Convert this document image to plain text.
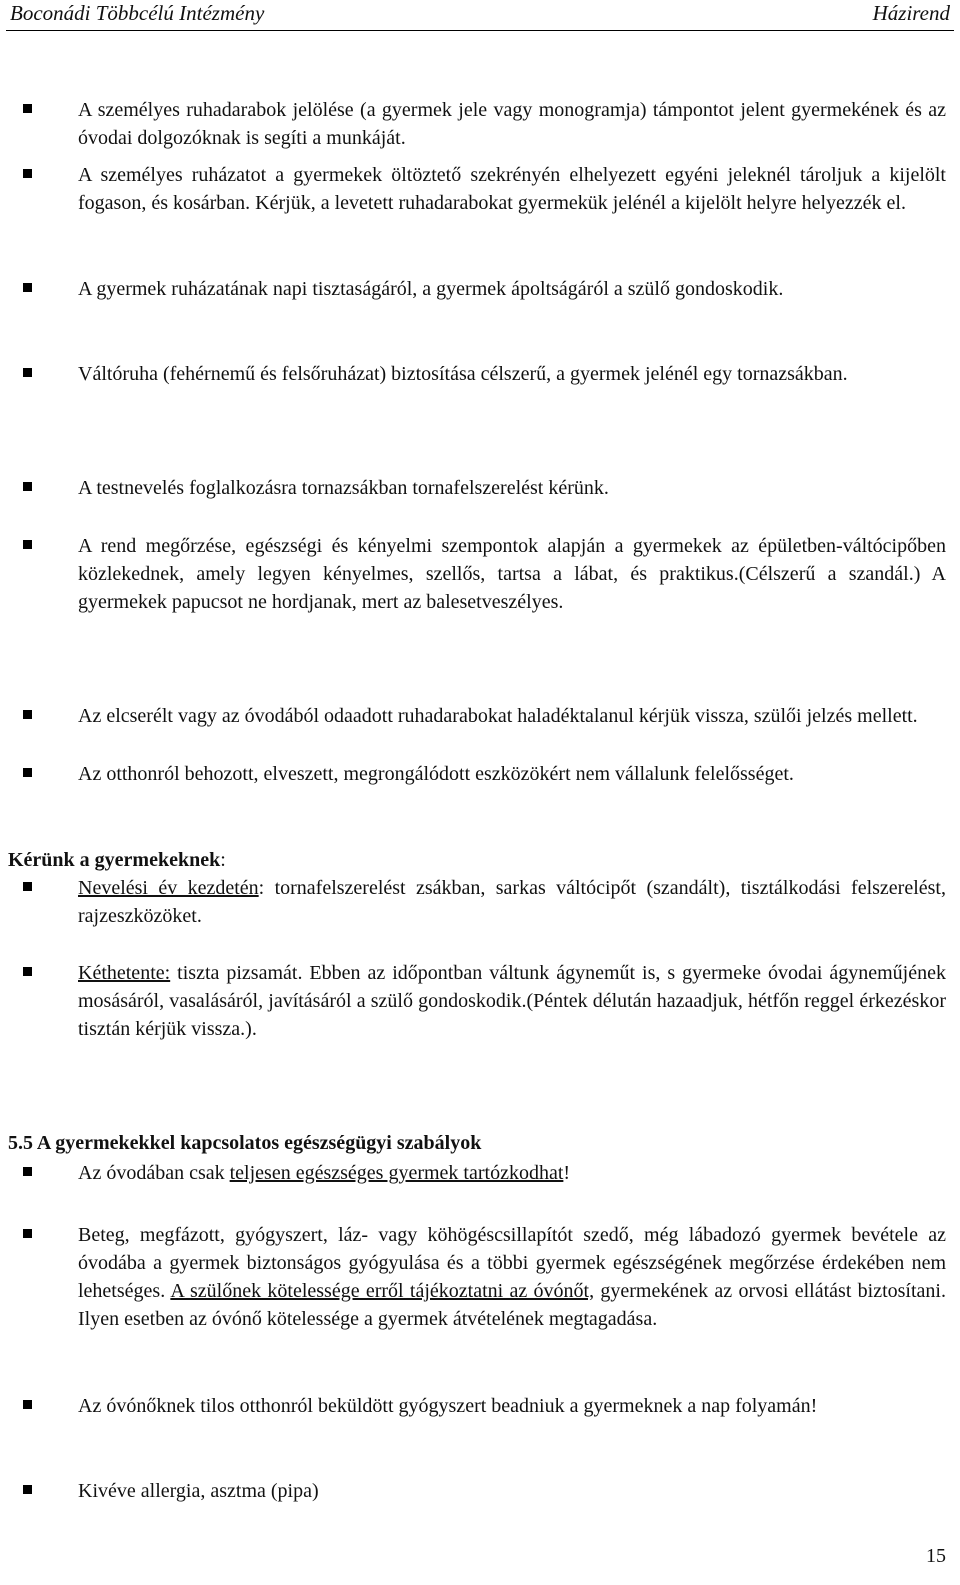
Boconádi Többcélú Intézmény	Házirend
A személyes ruhadarabok jelölése (a gyermek jele vagy monogramja) támpontot jelent gyermekének és az óvodai dolgozóknak is segíti a munkáját.
A személyes ruházatot a gyermekek öltöztető szekrényén elhelyezett egyéni jeleknél tároljuk a kijelölt fogason, és kosárban. Kérjük, a levetett ruhadarabokat gyermekük jelénél a kijelölt helyre helyezzék el.
A gyermek ruházatának napi tisztaságáról, a gyermek ápoltságáról a szülő gondoskodik.
Váltóruha (fehérnemű és felsőruházat) biztosítása célszerű, a gyermek jelénél egy tornazsákban.
A testnevelés foglalkozásra tornazsákban tornafelszerelést kérünk.
A rend megőrzése, egészségi és kényelmi szempontok alapján a gyermekek az épületben-váltócipőben közlekednek, amely legyen kényelmes, szellős, tartsa a lábat, és praktikus.(Célszerű a szandál.) A gyermekek papucsot ne hordjanak, mert az balesetveszélyes.
Az elcserélt vagy az óvodából odaadott ruhadarabokat haladéktalanul kérjük vissza, szülői jelzés mellett.
Az otthonról behozott, elveszett, megrongálódott eszközökért nem vállalunk felelősséget.
Kérünk a gyermekeknek:
Nevelési év kezdetén: tornafelszerelést zsákban, sarkas váltócipőt (szandált), tisztálkodási felszerelést, rajzeszközöket.
Kéthetente: tiszta pizsamát. Ebben az időpontban váltunk ágyneműt is, s gyermeke óvodai ágyneműjének mosásáról, vasalásáról, javításáról a szülő gondoskodik.(Péntek délután hazaadjuk, hétfőn reggel érkezéskor tisztán kérjük vissza.).
5.5 A gyermekekkel kapcsolatos egészségügyi szabályok
Az óvodában csak teljesen egészséges gyermek tartózkodhat!
Beteg, megfázott, gyógyszert, láz- vagy köhögéscsillapítót szedő, még lábadozó gyermek bevétele az óvodába a gyermek biztonságos gyógyulása és a többi gyermek egészségének megőrzése érdekében nem lehetséges. A szülőnek kötelessége erről tájékoztatni az óvónőt, gyermekének az orvosi ellátást biztosítani. Ilyen esetben az óvónő kötelessége a gyermek átvételének megtagadása.
Az óvónőknek tilos otthonról beküldött gyógyszert beadniuk a gyermeknek a nap folyamán!
Kivéve allergia, asztma (pipa)
15
